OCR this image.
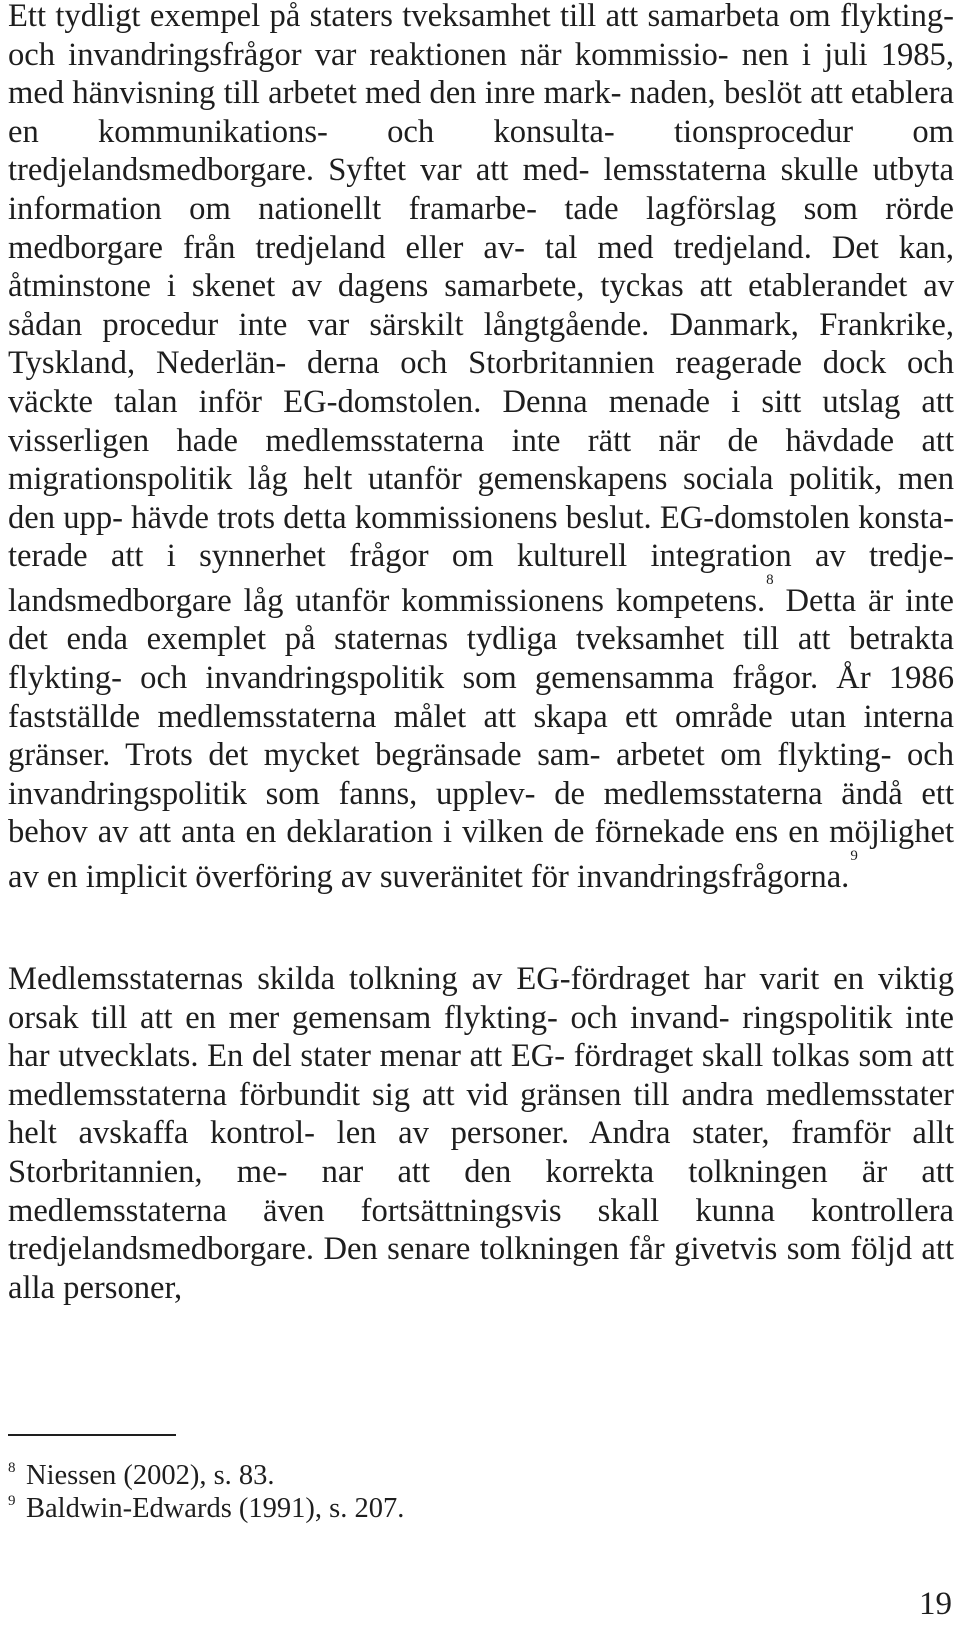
Ett tydligt exempel på staters tveksamhet till att samarbeta om flykting- och invandringsfrågor var reaktionen när kommissio- nen i juli 1985, med hänvisning till arbetet med den inre mark- naden, beslöt att etablera en kommunikations- och konsulta- tionsprocedur om tredjelandsmedborgare. Syftet var att med- lemsstaterna skulle utbyta information om nationellt framarbe- tade lagförslag som rörde medborgare från tredjeland eller av- tal med tredjeland. Det kan, åtminstone i skenet av dagens samarbete, tyckas att etablerandet av sådan procedur inte var särskilt långtgående. Danmark, Frankrike, Tyskland, Nederlän- derna och Storbritannien reagerade dock och väckte talan inför EG-domstolen. Denna menade i sitt utslag att visserligen hade medlemsstaterna inte rätt när de hävdade att migrationspolitik låg helt utanför gemenskapens sociala politik, men den upp- hävde trots detta kommissionens beslut. EG-domstolen konsta- terade att i synnerhet frågor om kulturell integration av tredje- landsmedborgare låg utanför kommissionens kompetens.$^8$ Detta är inte det enda exemplet på staternas tydliga tveksamhet till att betrakta flykting- och invandringspolitik som gemensamma frågor. År 1986 fastställde medlemsstaterna målet att skapa ett område utan interna gränser. Trots det mycket begränsade sam- arbetet om flykting- och invandringspolitik som fanns, upplev- de medlemsstaterna ändå ett behov av att anta en deklaration i vilken de förnekade ens en möjlighet av en implicit överföring av suveränitet för invandringsfrågorna.$^9$

Medlemsstaternas skilda tolkning av EG-fördraget har varit en viktig orsak till att en mer gemensam flykting- och invand- ringspolitik inte har utvecklats. En del stater menar att EG- fördraget skall tolkas som att medlemsstaterna förbundit sig att vid gränsen till andra medlemsstater helt avskaffa kontrol- len av personer. Andra stater, framför allt Storbritannien, me- nar att den korrekta tolkningen är att medlemsstaterna även fortsättningsvis skall kunna kontrollera tredjelandsmedborgare. Den senare tolkningen får givetvis som följd att alla personer,

8 Niessen (2002), s. 83.
9 Baldwin-Edwards (1991), s. 207.
19
